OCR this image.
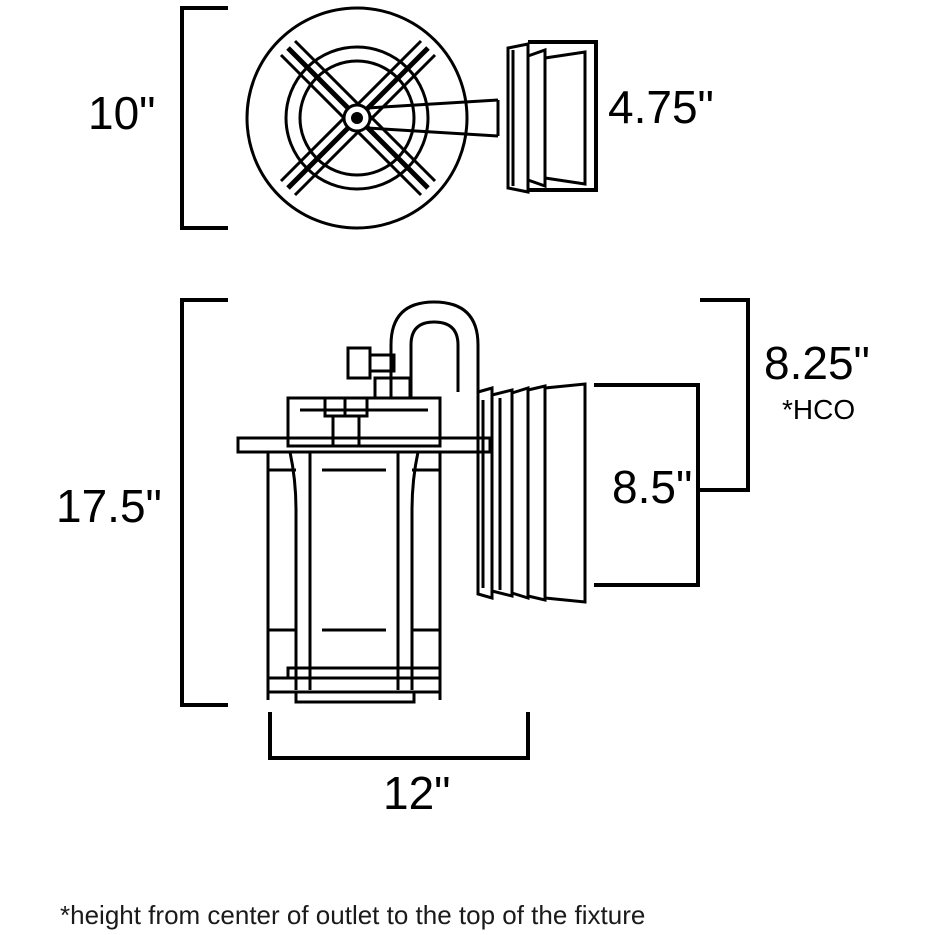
10"	4.75"
17.5"
8.25"
*HCO
8.5"
12"
*height from center of outlet to the top of the fixture
